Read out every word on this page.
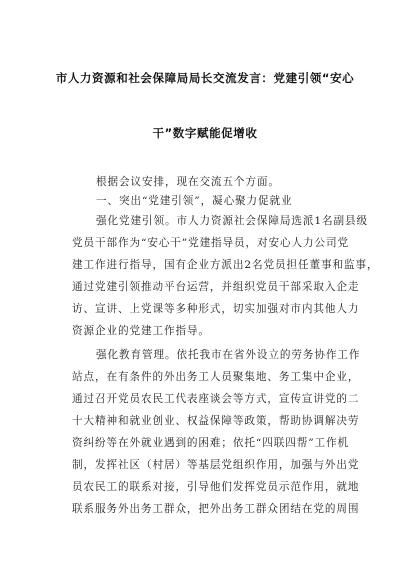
市人力资源和社会保障局局长交流发言：党建引领“安心
干”数字赋能促增收
根据会议安排，现在交流五个方面。
一、突出“党建引领”，凝心聚力促就业
强化党建引领。市人力资源社会保障局选派1名副县级
党员干部作为“安心干”党建指导员，对安心人力公司党
建工作进行指导，国有企业方派出2名党员担任董事和监事，
通过党建引领推动平台运营，并组织党员干部采取入企走
访、宣讲、上党课等多种形式，切实加强对市内其他人力
资源企业的党建工作指导。
强化教育管理。依托我市在省外设立的劳务协作工作
站点，在有条件的外出务工人员聚集地、务工集中企业，
通过召开党员农民工代表座谈会等方式，宣传宣讲党的二
十大精神和就业创业、权益保障等政策，帮助协调解决劳
资纠纷等在外就业遇到的困难；依托“四联四帮”工作机
制，发挥社区（村居）等基层党组织作用，加强与外出党
员农民工的联系对接，引导他们发挥党员示范作用，就地
联系服务外出务工群众，把外出务工群众团结在党的周围
